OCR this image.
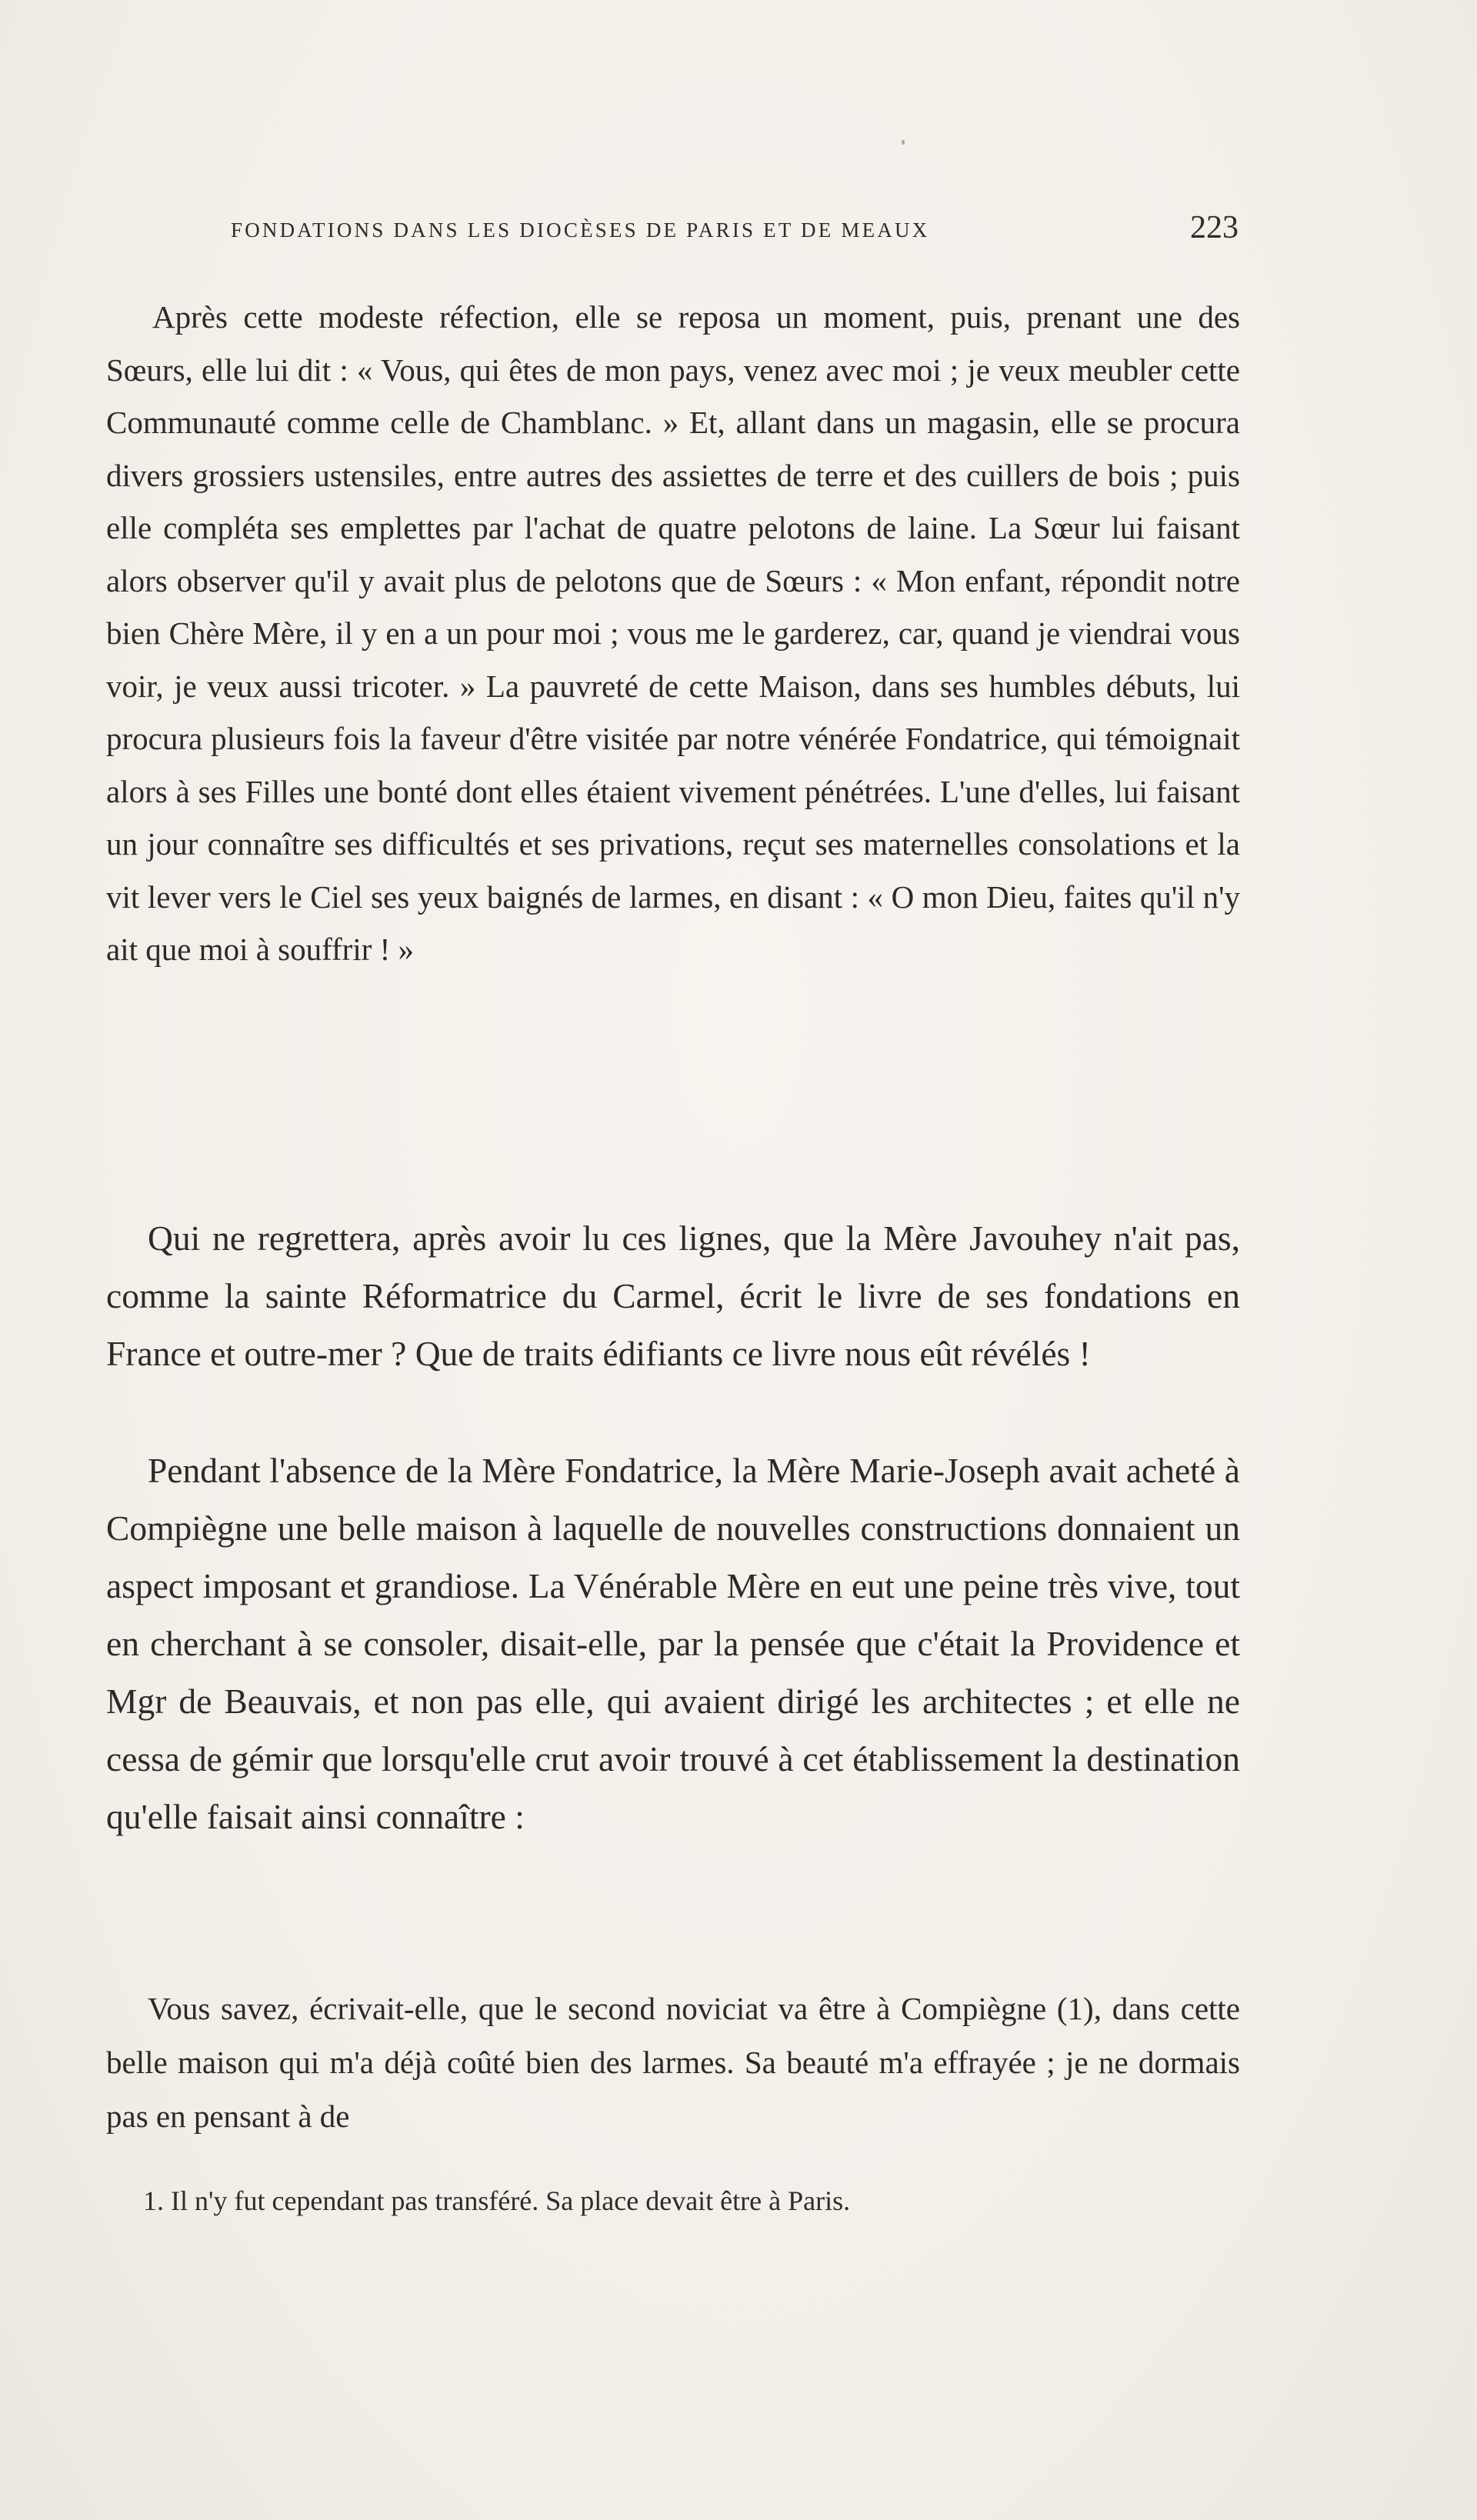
FONDATIONS DANS LES DIOCÈSES DE PARIS ET DE MEAUX	223

Après cette modeste réfection, elle se reposa un moment, puis, prenant une des Sœurs, elle lui dit : « Vous, qui êtes de mon pays, venez avec moi ; je veux meubler cette Communauté comme celle de Chamblanc. » Et, allant dans un magasin, elle se procura divers grossiers ustensiles, entre autres des assiettes de terre et des cuillers de bois ; puis elle compléta ses emplettes par l'achat de quatre pelotons de laine. La Sœur lui faisant alors observer qu'il y avait plus de pelotons que de Sœurs : « Mon enfant, répondit notre bien Chère Mère, il y en a un pour moi ; vous me le garderez, car, quand je viendrai vous voir, je veux aussi tricoter. » La pauvreté de cette Maison, dans ses humbles débuts, lui procura plusieurs fois la faveur d'être visitée par notre vénérée Fondatrice, qui témoignait alors à ses Filles une bonté dont elles étaient vivement pénétrées. L'une d'elles, lui faisant un jour connaître ses difficultés et ses privations, reçut ses maternelles consolations et la vit lever vers le Ciel ses yeux baignés de larmes, en disant : « O mon Dieu, faites qu'il n'y ait que moi à souffrir ! »

Qui ne regrettera, après avoir lu ces lignes, que la Mère Javouhey n'ait pas, comme la sainte Réformatrice du Carmel, écrit le livre de ses fondations en France et outre-mer ? Que de traits édifiants ce livre nous eût révélés !

Pendant l'absence de la Mère Fondatrice, la Mère Marie-Joseph avait acheté à Compiègne une belle maison à laquelle de nouvelles constructions donnaient un aspect imposant et grandiose. La Vénérable Mère en eut une peine très vive, tout en cherchant à se consoler, disait-elle, par la pensée que c'était la Providence et Mgr de Beauvais, et non pas elle, qui avaient dirigé les architectes ; et elle ne cessa de gémir que lorsqu'elle crut avoir trouvé à cet établissement la destination qu'elle faisait ainsi connaître :

Vous savez, écrivait-elle, que le second noviciat va être à Compiègne (1), dans cette belle maison qui m'a déjà coûté bien des larmes. Sa beauté m'a effrayée ; je ne dormais pas en pensant à de

1. Il n'y fut cependant pas transféré. Sa place devait être à Paris.
